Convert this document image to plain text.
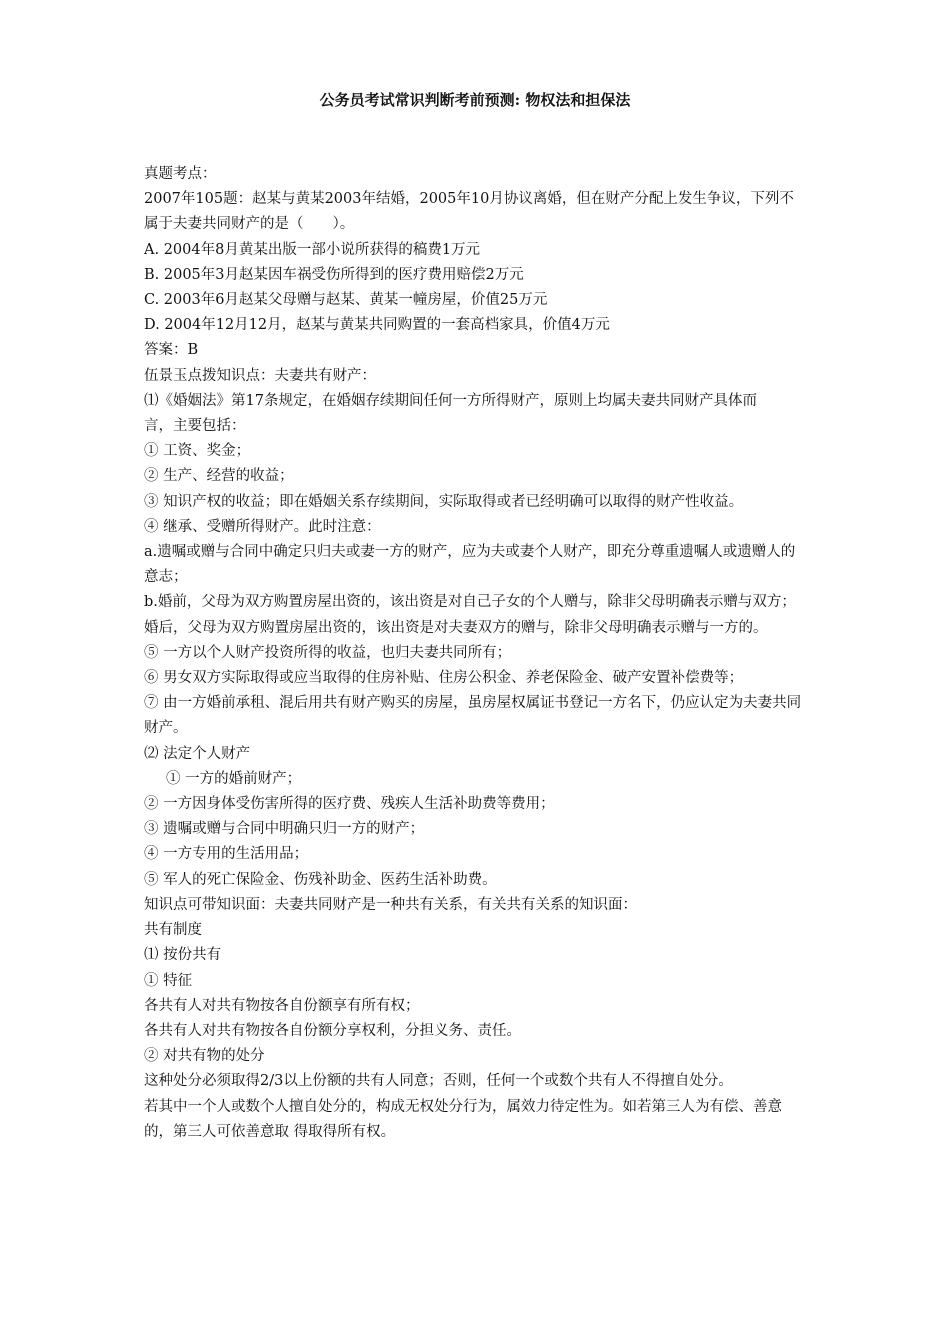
公务员考试常识判断考前预测: 物权法和担保法

真题考点：

2007年105题：赵某与黄某2003年结婚，2005年10月协议离婚，但在财产分配上发生争议，下列不属于夫妻共同财产的是（　　）。

A. 2004年8月黄某出版一部小说所获得的稿费1万元

B. 2005年3月赵某因车祸受伤所得到的医疗费用赔偿2万元

C. 2003年6月赵某父母赠与赵某、黄某一幢房屋，价值25万元

D. 2004年12月12月，赵某与黄某共同购置的一套高档家具，价值4万元

答案：B

伍景玉点拨知识点：夫妻共有财产：

⑴《婚姻法》第17条规定，在婚姻存续期间任何一方所得财产，原则上均属夫妻共同财产具体而

言，主要包括：

① 工资、奖金；

② 生产、经营的收益；

③ 知识产权的收益；即在婚姻关系存续期间，实际取得或者已经明确可以取得的财产性收益。

④ 继承、受赠所得财产。此时注意：

a.遗嘱或赠与合同中确定只归夫或妻一方的财产，应为夫或妻个人财产，即充分尊重遗嘱人或遗赠人的意志；

b.婚前，父母为双方购置房屋出资的，该出资是对自己子女的个人赠与，除非父母明确表示赠与双方；婚后，父母为双方购置房屋出资的，该出资是对夫妻双方的赠与，除非父母明确表示赠与一方的。

⑤ 一方以个人财产投资所得的收益，也归夫妻共同所有；

⑥ 男女双方实际取得或应当取得的住房补贴、住房公积金、养老保险金、破产安置补偿费等；

⑦ 由一方婚前承租、混后用共有财产购买的房屋，虽房屋权属证书登记一方名下，仍应认定为夫妻共同财产。

⑵ 法定个人财产

① 一方的婚前财产；

② 一方因身体受伤害所得的医疗费、残疾人生活补助费等费用；

③ 遗嘱或赠与合同中明确只归一方的财产；

④ 一方专用的生活用品；

⑤ 军人的死亡保险金、伤残补助金、医药生活补助费。

知识点可带知识面：夫妻共同财产是一种共有关系，有关共有关系的知识面：

共有制度

⑴ 按份共有

① 特征

各共有人对共有物按各自份额享有所有权；

各共有人对共有物按各自份额分享权利，分担义务、责任。

② 对共有物的处分

这种处分必须取得2/3以上份额的共有人同意；否则，任何一个或数个共有人不得擅自处分。

若其中一个人或数个人擅自处分的，构成无权处分行为，属效力待定性为。如若第三人为有偿、善意的，第三人可依善意取 得取得所有权。
